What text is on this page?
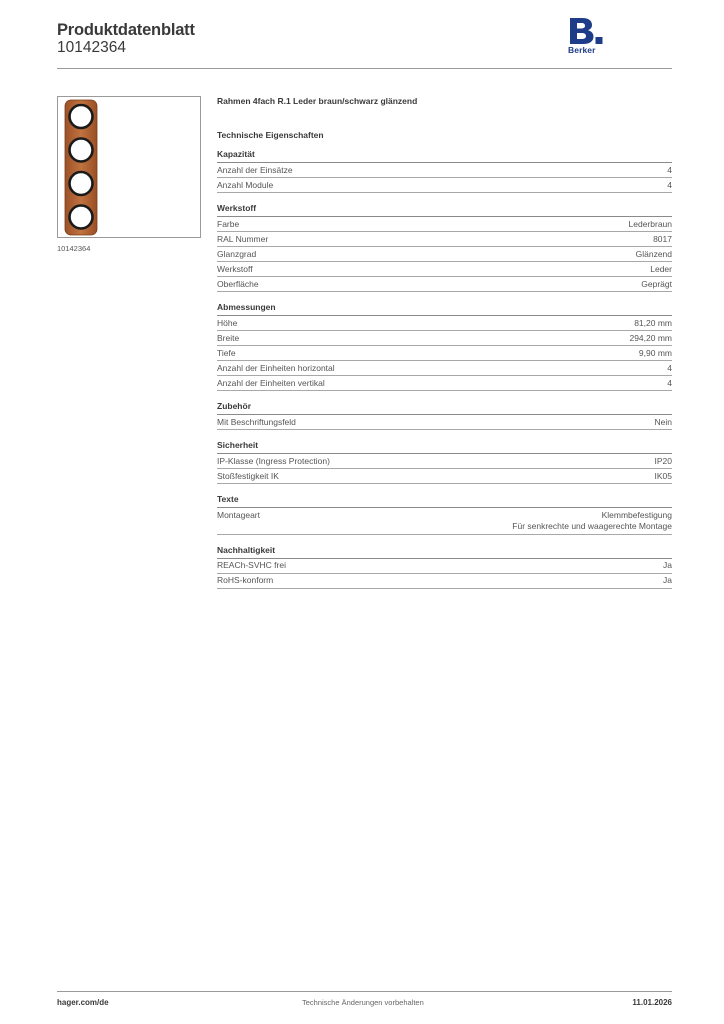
Produktdatenblatt
10142364	Berker
10142364
Rahmen 4fach R.1 Leder braun/schwarz glänzend
Technische Eigenschaften
Kapazität
Anzahl der Einsätze	4
Anzahl Module	4
Werkstoff
Farbe	Lederbraun
RAL Nummer	8017
Glanzgrad	Glänzend
Werkstoff	Leder
Oberfläche	Geprägt
Abmessungen
Höhe	81,20 mm
Breite	294,20 mm
Tiefe	9,90 mm
Anzahl der Einheiten horizontal	4
Anzahl der Einheiten vertikal	4
Zubehör
Mit Beschriftungsfeld	Nein
Sicherheit
IP-Klasse (Ingress Protection)	IP20
Stoßfestigkeit IK	IK05
Texte
Montageart	Klemmbefestigung
Für senkrechte und waagerechte Montage
Nachhaltigkeit
REACh-SVHC frei	Ja
RoHS-konform	Ja
hager.com/de	Technische Änderungen vorbehalten	11.01.2026
